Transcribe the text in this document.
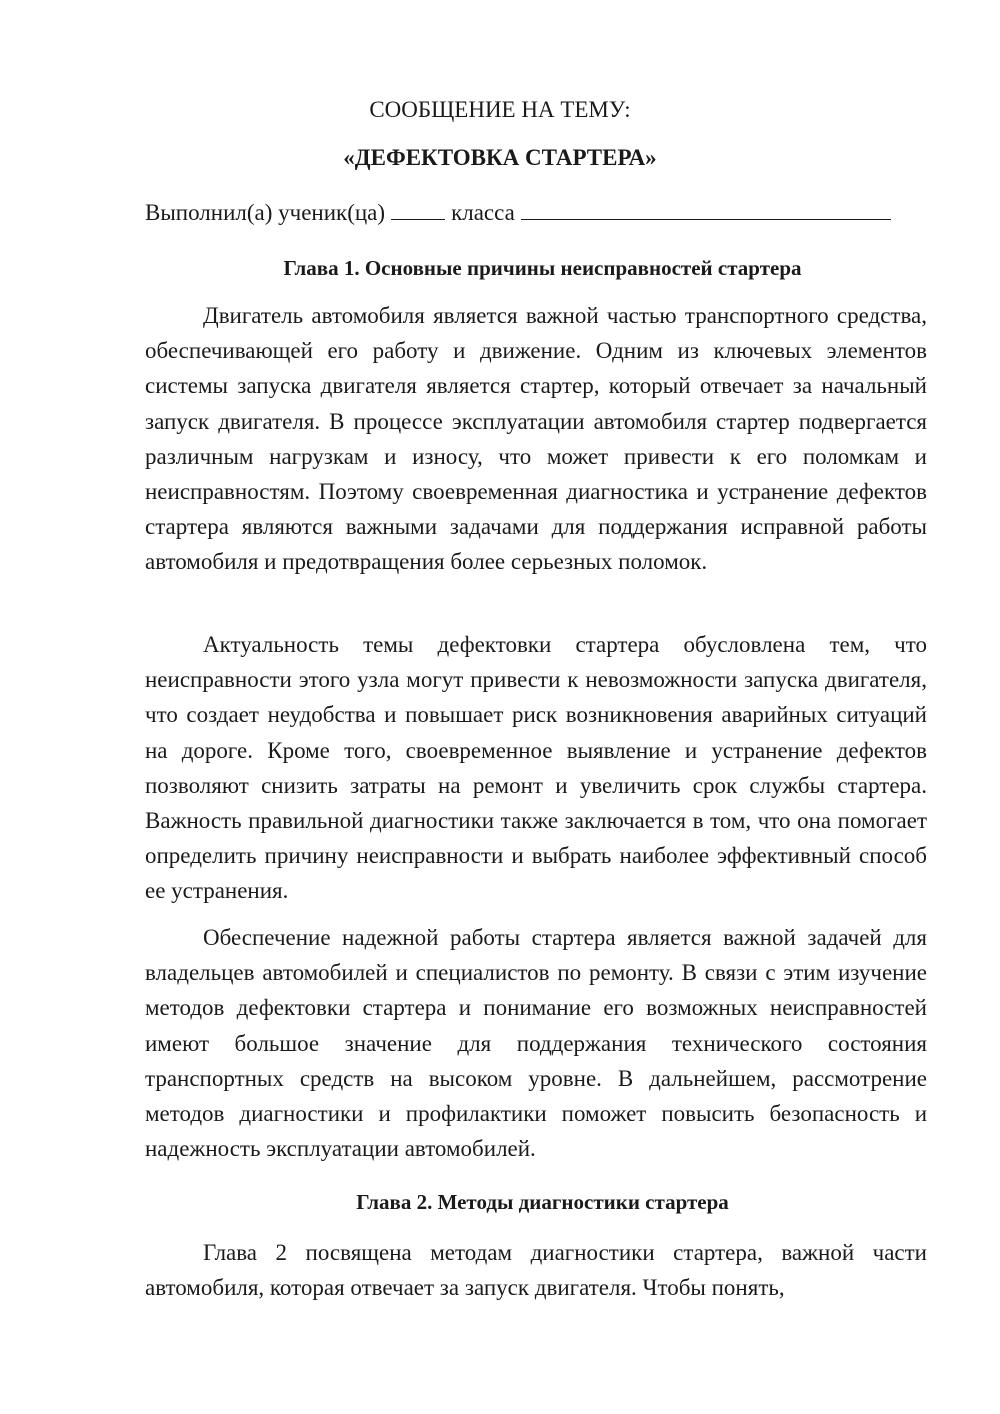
СООБЩЕНИЕ НА ТЕМУ:
«ДЕФЕКТОВКА СТАРТЕРА»
Выполнил(а) ученик(ца)	класса
Глава 1. Основные причины неисправностей стартера

Двигатель автомобиля является важной частью транспортного средства, обеспечивающей его работу и движение. Одним из ключевых элементов системы запуска двигателя является стартер, который отвечает за начальный запуск двигателя. В процессе эксплуатации автомобиля стартер подвергается различным нагрузкам и износу, что может привести к его поломкам и неисправностям. Поэтому своевременная диагностика и устранение дефектов стартера являются важными задачами для поддержания исправной работы автомобиля и предотвращения более серьезных поломок.

Актуальность темы дефектовки стартера обусловлена тем, что неисправности этого узла могут привести к невозможности запуска двигателя, что создает неудобства и повышает риск возникновения аварийных ситуаций на дороге. Кроме того, своевременное выявление и устранение дефектов позволяют снизить затраты на ремонт и увеличить срок службы стартера. Важность правильной диагностики также заключается в том, что она помогает определить причину неисправности и выбрать наиболее эффективный способ ее устранения.

Обеспечение надежной работы стартера является важной задачей для владельцев автомобилей и специалистов по ремонту. В связи с этим изучение методов дефектовки стартера и понимание его возможных неисправностей имеют большое значение для поддержания технического состояния транспортных средств на высоком уровне. В дальнейшем, рассмотрение методов диагностики и профилактики поможет повысить безопасность и надежность эксплуатации автомобилей.

Глава 2. Методы диагностики стартера

Глава 2 посвящена методам диагностики стартера, важной части автомобиля, которая отвечает за запуск двигателя. Чтобы понять,
